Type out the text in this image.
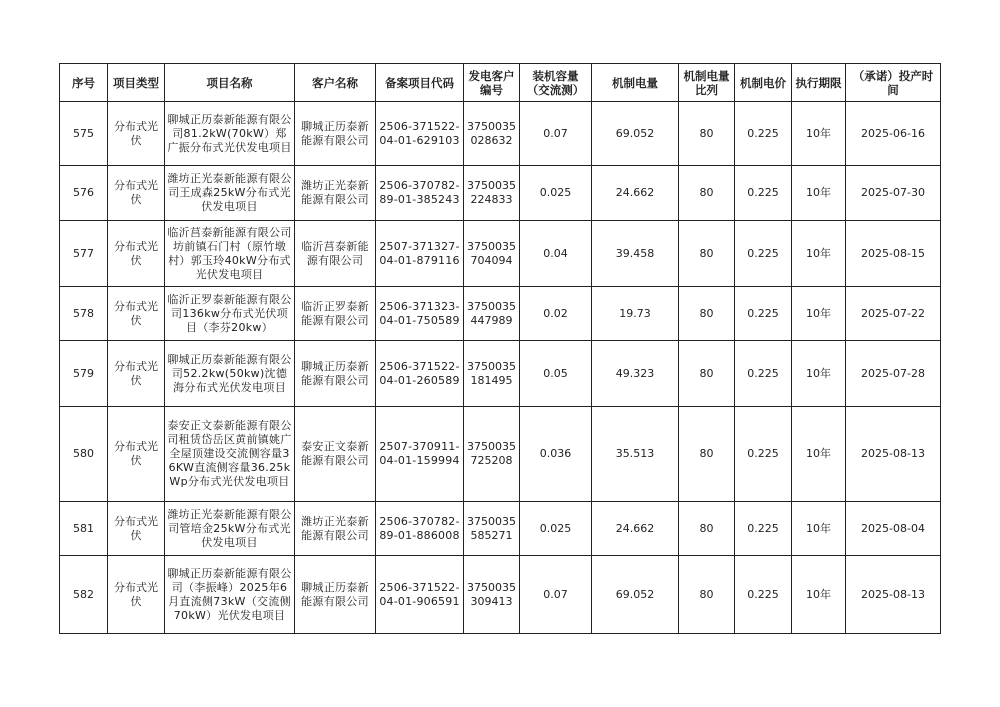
序号	项目类型	项目名称	客户名称	备案项目代码	发电客户编号	装机容量（交流测）	机制电量	机制电量比列	机制电价	执行期限	（承诺）投产时间
575	分布式光伏	聊城正历泰新能源有限公司81.2kW(70kW）郑广振分布式光伏发电项目	聊城正历泰新能源有限公司	2506-371522-04-01-629103	3750035028632	0.07	69.052	80	0.225	10年	2025-06-16
576	分布式光伏	潍坊正光泰新能源有限公司王成森25kW分布式光伏发电项目	潍坊正光泰新能源有限公司	2506-370782-89-01-385243	3750035224833	0.025	24.662	80	0.225	10年	2025-07-30
577	分布式光伏	临沂莒泰新能源有限公司坊前镇石门村（原竹墩村）郭玉玲40kW分布式光伏发电项目	临沂莒泰新能源有限公司	2507-371327-04-01-879116	3750035704094	0.04	39.458	80	0.225	10年	2025-08-15
578	分布式光伏	临沂正罗泰新能源有限公司136kw分布式光伏项目（李芬20kw）	临沂正罗泰新能源有限公司	2506-371323-04-01-750589	3750035447989	0.02	19.73	80	0.225	10年	2025-07-22
579	分布式光伏	聊城正历泰新能源有限公司52.2kw(50kw)沈德海分布式光伏发电项目	聊城正历泰新能源有限公司	2506-371522-04-01-260589	3750035181495	0.05	49.323	80	0.225	10年	2025-07-28
580	分布式光伏	泰安正文泰新能源有限公司租赁岱岳区黄前镇姚广全屋顶建设交流侧容量36KW直流侧容量36.25kWp分布式光伏发电项目	泰安正文泰新能源有限公司	2507-370911-04-01-159994	3750035725208	0.036	35.513	80	0.225	10年	2025-08-13
581	分布式光伏	潍坊正光泰新能源有限公司管培金25kW分布式光伏发电项目	潍坊正光泰新能源有限公司	2506-370782-89-01-886008	3750035585271	0.025	24.662	80	0.225	10年	2025-08-04
582	分布式光伏	聊城正历泰新能源有限公司（李振峰）2025年6月直流侧73kW（交流侧70kW）光伏发电项目	聊城正历泰新能源有限公司	2506-371522-04-01-906591	3750035309413	0.07	69.052	80	0.225	10年	2025-08-13
